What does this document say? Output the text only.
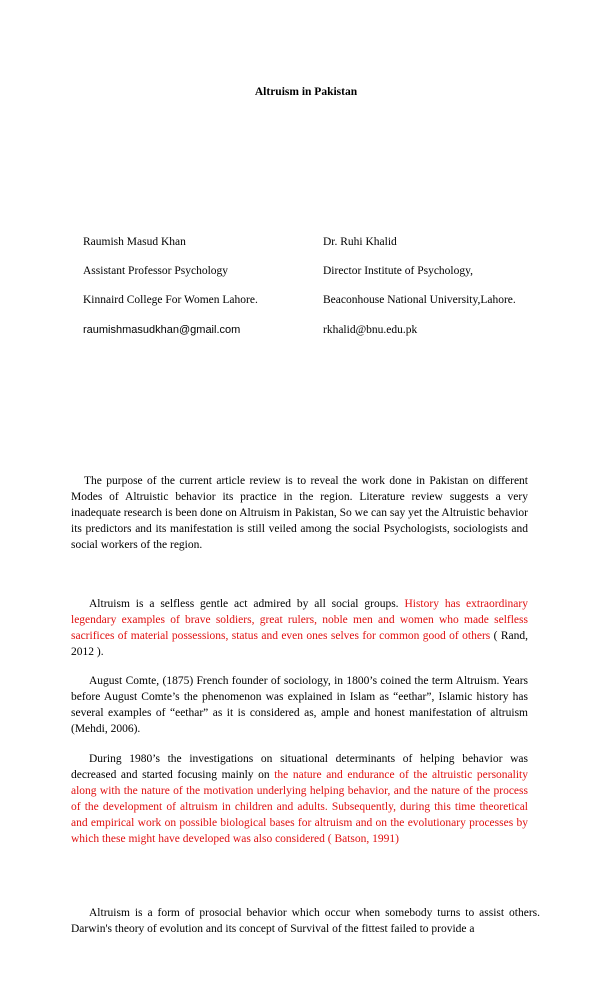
Altruism in Pakistan
Raumish Masud Khan	Dr. Ruhi Khalid
Assistant Professor Psychology	Director Institute of Psychology,
Kinnaird College For Women Lahore.	Beaconhouse National University,Lahore.
raumishmasudkhan@gmail.com	rkhalid@bnu.edu.pk

The purpose of the current article review is to reveal the work done in Pakistan on different Modes of Altruistic behavior its practice in the region. Literature review suggests a very inadequate research is been done on Altruism in Pakistan, So we can say yet the Altruistic behavior its predictors and its manifestation is still veiled among the social Psychologists, sociologists and social workers of the region.

Altruism is a selfless gentle act admired by all social groups. History has extraordinary legendary examples of brave soldiers, great rulers, noble men and women who made selfless sacrifices of material possessions, status and even ones selves for common good of others ( Rand, 2012 ).

August Comte, (1875) French founder of sociology, in 1800’s coined the term Altruism. Years before August Comte’s the phenomenon was explained in Islam as “eethar”, Islamic history has several examples of “eethar” as it is considered as, ample and honest manifestation of altruism (Mehdi, 2006).

During 1980’s the investigations on situational determinants of helping behavior was decreased and started focusing mainly on the nature and endurance of the altruistic personality along with the nature of the motivation underlying helping behavior, and the nature of the process of the development of altruism in children and adults. Subsequently, during this time theoretical and empirical work on possible biological bases for altruism and on the evolutionary processes by which these might have developed was also considered ( Batson, 1991)

Altruism is a form of prosocial behavior which occur when somebody turns to assist others. Darwin's theory of evolution and its concept of Survival of the fittest failed to provide a
